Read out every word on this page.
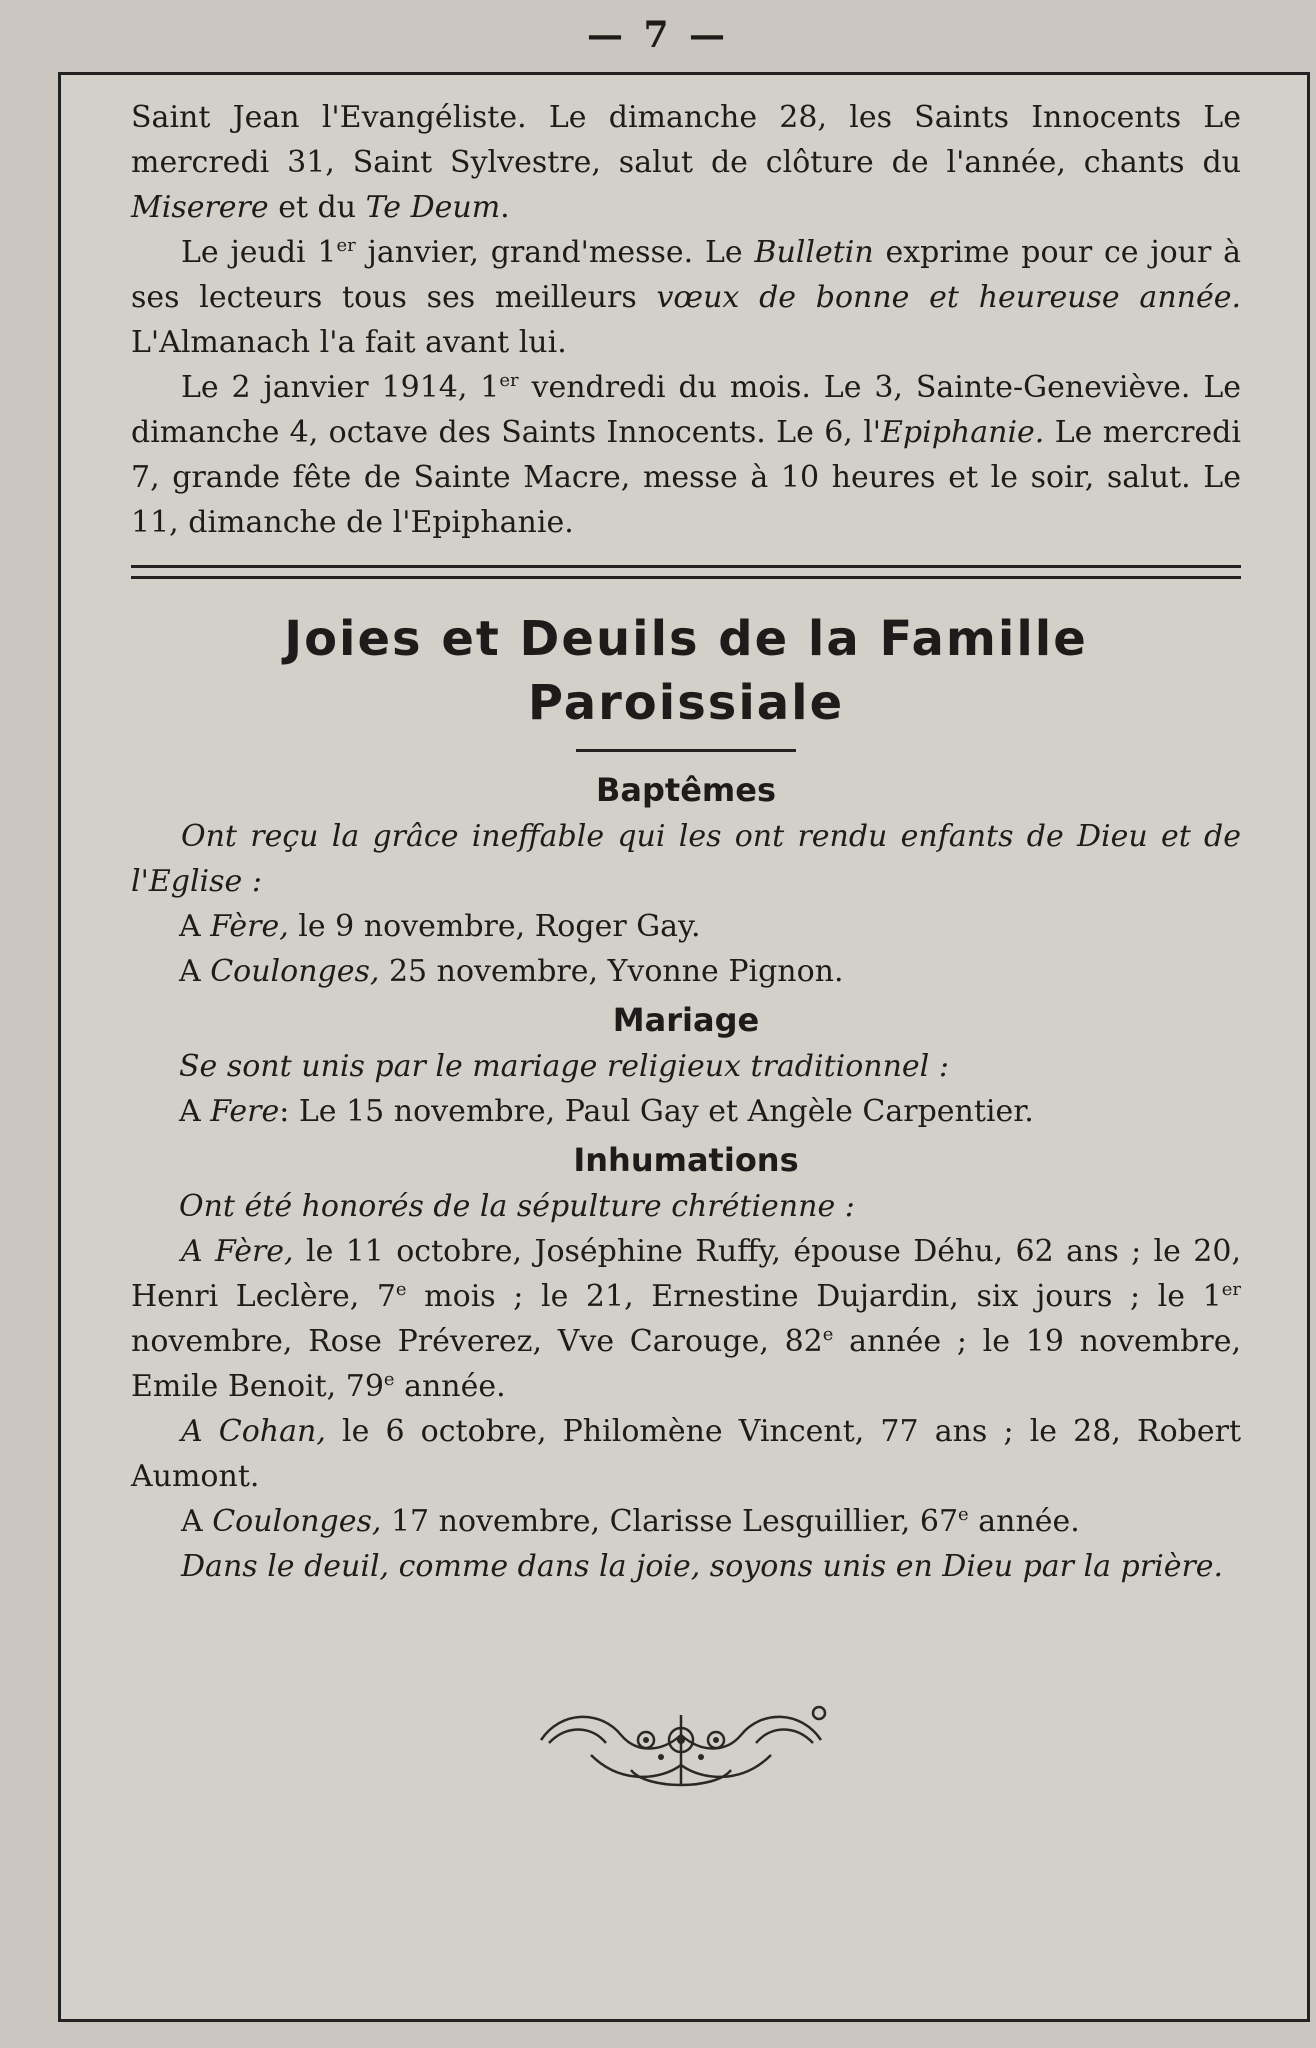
— 7 —

Saint Jean l'Evangéliste. Le dimanche 28, les Saints Innocents Le mercredi 31, Saint Sylvestre, salut de clôture de l'année, chants du Miserere et du Te Deum.

Le jeudi 1er janvier, grand'messe. Le Bulletin exprime pour ce jour à ses lecteurs tous ses meilleurs vœux de bonne et heureuse année. L'Almanach l'a fait avant lui.

Le 2 janvier 1914, 1er vendredi du mois. Le 3, Sainte-Geneviève. Le dimanche 4, octave des Saints Innocents. Le 6, l'Epiphanie. Le mercredi 7, grande fête de Sainte Macre, messe à 10 heures et le soir, salut. Le 11, dimanche de l'Epiphanie.

Joies et Deuils de la Famille Paroissiale
Baptêmes

Ont reçu la grâce ineffable qui les ont rendu enfants de Dieu et de l'Eglise :

A Fère, le 9 novembre, Roger Gay.

A Coulonges, 25 novembre, Yvonne Pignon.

Mariage

Se sont unis par le mariage religieux traditionnel :

A Fere: Le 15 novembre, Paul Gay et Angèle Carpentier.

Inhumations

Ont été honorés de la sépulture chrétienne :

A Fère, le 11 octobre, Joséphine Ruffy, épouse Déhu, 62 ans ; le 20, Henri Leclère, 7e mois ; le 21, Ernestine Dujardin, six jours ; le 1er novembre, Rose Préverez, Vve Carouge, 82e année ; le 19 novembre, Emile Benoit, 79e année.

A Cohan, le 6 octobre, Philomène Vincent, 77 ans ; le 28, Robert Aumont.

A Coulonges, 17 novembre, Clarisse Lesguillier, 67e année.

Dans le deuil, comme dans la joie, soyons unis en Dieu par la prière.
